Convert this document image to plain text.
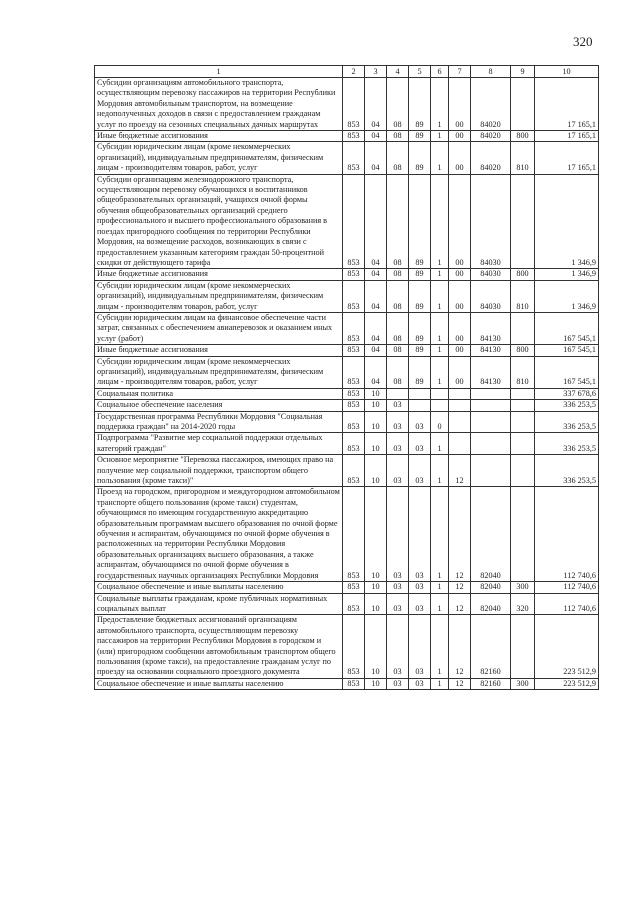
320
1	2	3	4	5	6	7	8	9	10
Субсидии организациям автомобильного транспорта, осуществляющим перевозку пассажиров на территории Республики Мордовия автомобильным транспортом, на возмещение недополученных доходов в связи с предоставлением гражданам услуг по проезду на сезонных специальных дачных маршрутах	853	04	08	89	1	00	84020		17 165,1
Иные бюджетные ассигнования	853	04	08	89	1	00	84020	800	17 165,1
Субсидии юридическим лицам (кроме некоммерческих организаций), индивидуальным предпринимателям, физическим лицам - производителям товаров, работ, услуг	853	04	08	89	1	00	84020	810	17 165,1
Субсидии организациям железнодорожного транспорта, осуществляющим перевозку обучающихся и воспитанников общеобразовательных организаций, учащихся очной формы обучения общеобразовательных организаций среднего профессионального и высшего профессионального образования в поездах пригородного сообщения по территории Республики Мордовия, на возмещение расходов, возникающих в связи с предоставлением указанным категориям граждан 50-процентной скидки от действующего тарифа	853	04	08	89	1	00	84030		1 346,9
Иные бюджетные ассигнования	853	04	08	89	1	00	84030	800	1 346,9
Субсидии юридическим лицам (кроме некоммерческих организаций), индивидуальным предпринимателям, физическим лицам - производителям товаров, работ, услуг	853	04	08	89	1	00	84030	810	1 346,9
Субсидии юридическим лицам на финансовое обеспечение части затрат, связанных с обеспечением авиаперевозок и оказанием иных услуг (работ)	853	04	08	89	1	00	84130		167 545,1
Иные бюджетные ассигнования	853	04	08	89	1	00	84130	800	167 545,1
Субсидии юридическим лицам (кроме некоммерческих организаций), индивидуальным предпринимателям, физическим лицам - производителям товаров, работ, услуг	853	04	08	89	1	00	84130	810	167 545,1
Социальная политика	853	10							337 678,6
Социальное обеспечение населения	853	10	03						336 253,5
Государственная программа Республики Мордовия "Социальная поддержка граждан" на 2014-2020 годы	853	10	03	03	0				336 253,5
Подпрограмма "Развитие мер социальной поддержки отдельных категорий граждан"	853	10	03	03	1				336 253,5
Основное мероприятие "Перевозка пассажиров, имеющих право на получение мер социальной поддержки, транспортом общего пользования (кроме такси)"	853	10	03	03	1	12			336 253,5
Проезд на городском, пригородном и междугородном автомобильном транспорте общего пользования (кроме такси) студентам, обучающимся по имеющим государственную аккредитацию образовательным программам высшего образования по очной форме обучения и аспирантам, обучающимся по очной форме обучения в расположенных на территории Республики Мордовия образовательных организациях высшего образования, а также аспирантам, обучающимся по очной форме обучения в государственных научных организациях Республики Мордовия	853	10	03	03	1	12	82040		112 740,6
Социальное обеспечение и иные выплаты населению	853	10	03	03	1	12	82040	300	112 740,6
Социальные выплаты гражданам, кроме публичных нормативных социальных выплат	853	10	03	03	1	12	82040	320	112 740,6
Предоставление бюджетных ассигнований организациям автомобильного транспорта, осуществляющим перевозку пассажиров на территории Республики Мордовия в городском и (или) пригородном сообщении автомобильным транспортом общего пользования (кроме такси), на предоставление гражданам услуг по проезду на основании социального проездного документа	853	10	03	03	1	12	82160		223 512,9
Социальное обеспечение и иные выплаты населению	853	10	03	03	1	12	82160	300	223 512,9
